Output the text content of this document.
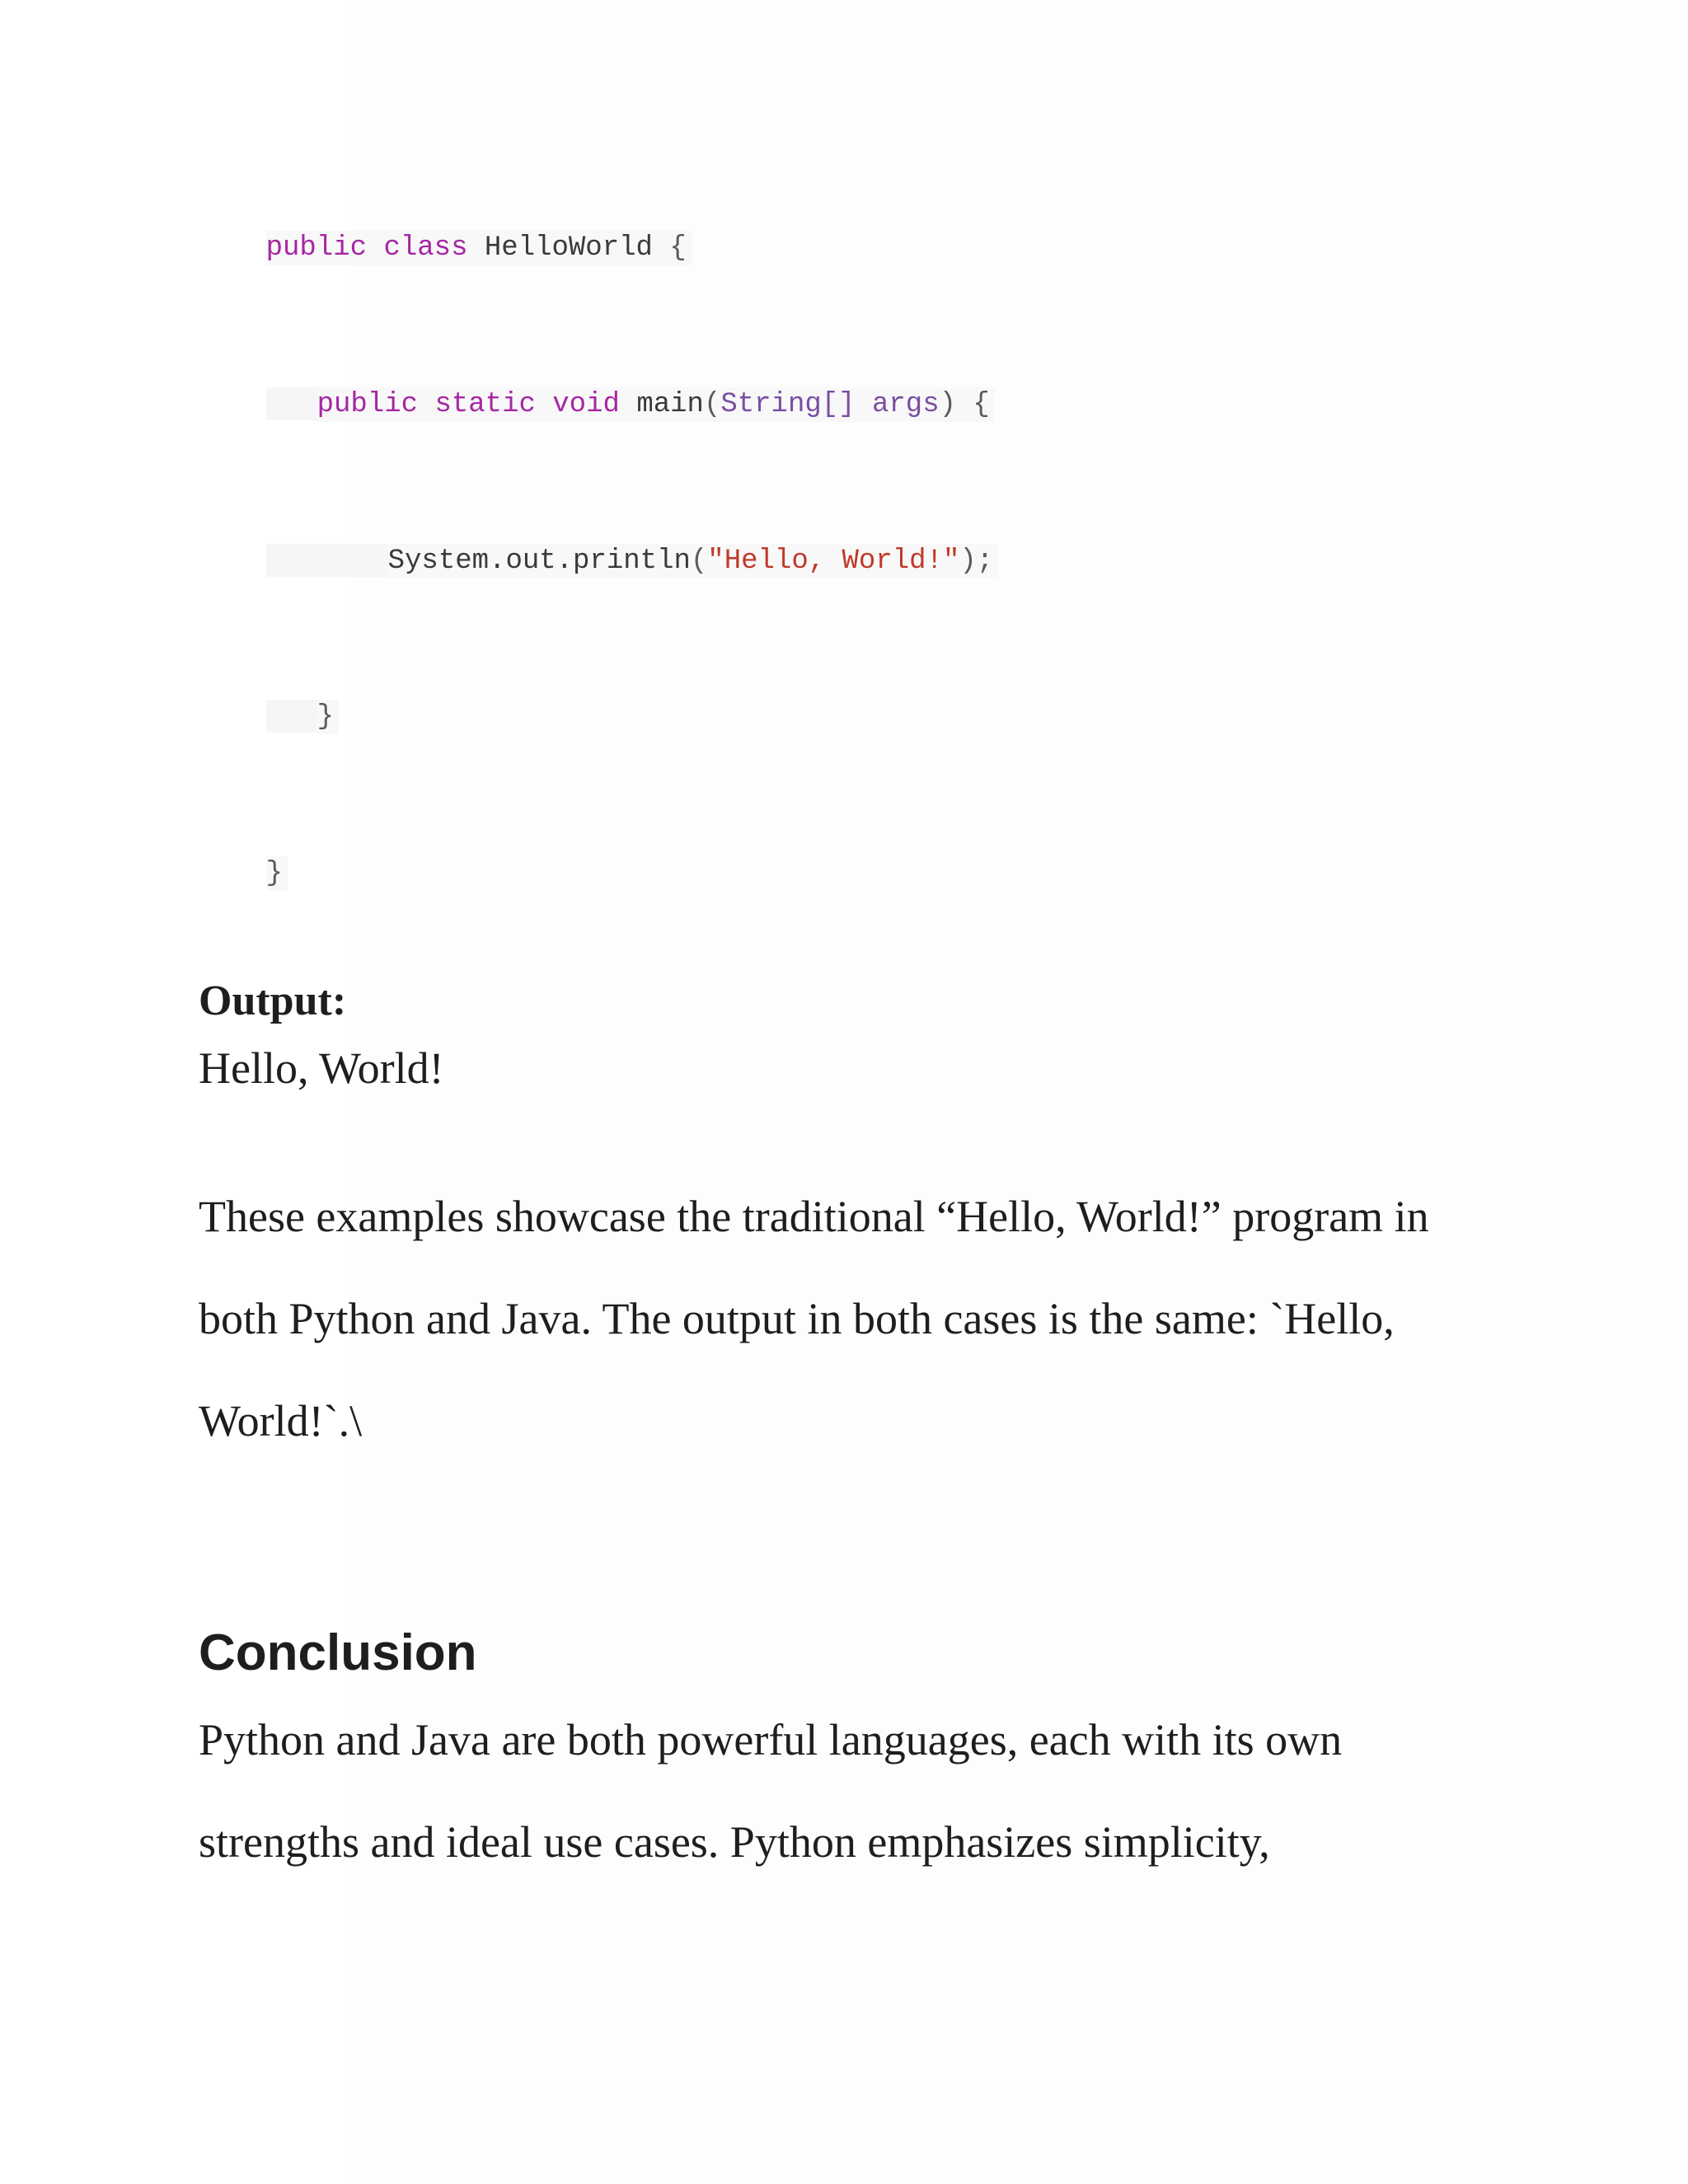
public class HelloWorld {

public static void main(String[] args) {

System.out.println("Hello, World!");

}

}

Output:
Hello, World!
These examples showcase the traditional “Hello, World!” program in
both Python and Java. The output in both cases is the same: `Hello,
World!`.\
Conclusion
Python and Java are both powerful languages, each with its own
strengths and ideal use cases. Python emphasizes simplicity,
